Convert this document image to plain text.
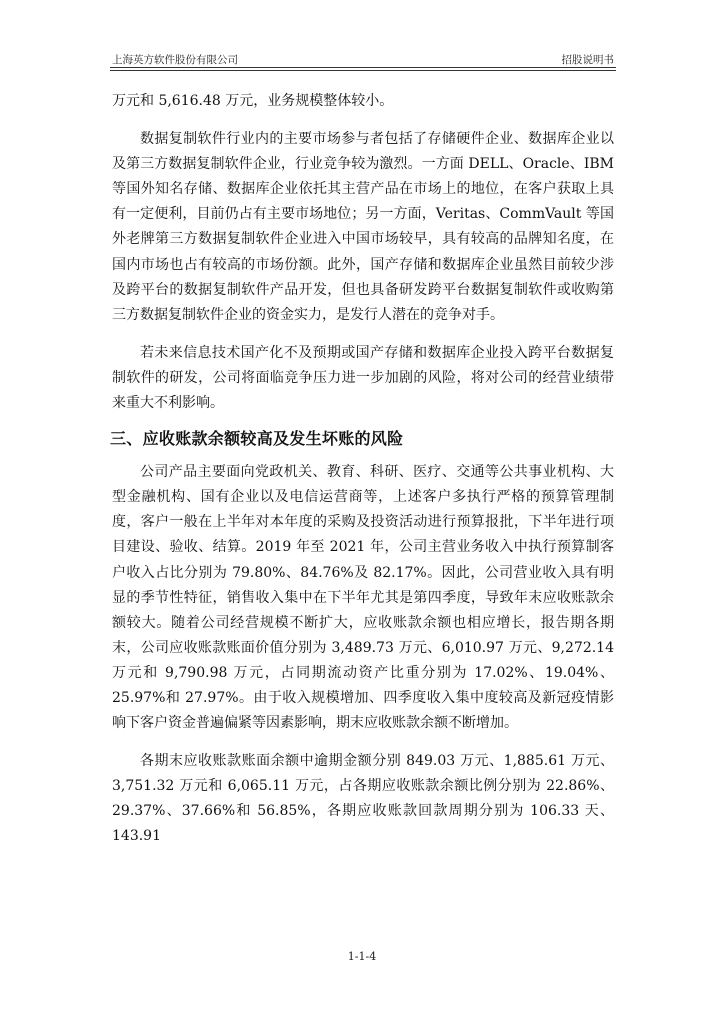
上海英方软件股份有限公司	招股说明书

万元和 5,616.48 万元，业务规模整体较小。

数据复制软件行业内的主要市场参与者包括了存储硬件企业、数据库企业以及第三方数据复制软件企业，行业竞争较为激烈。一方面 DELL、Oracle、IBM 等国外知名存储、数据库企业依托其主营产品在市场上的地位，在客户获取上具有一定便利，目前仍占有主要市场地位；另一方面，Veritas、CommVault 等国外老牌第三方数据复制软件企业进入中国市场较早，具有较高的品牌知名度，在国内市场也占有较高的市场份额。此外，国产存储和数据库企业虽然目前较少涉及跨平台的数据复制软件产品开发，但也具备研发跨平台数据复制软件或收购第三方数据复制软件企业的资金实力，是发行人潜在的竞争对手。

若未来信息技术国产化不及预期或国产存储和数据库企业投入跨平台数据复制软件的研发，公司将面临竞争压力进一步加剧的风险，将对公司的经营业绩带来重大不利影响。

三、应收账款余额较高及发生坏账的风险

公司产品主要面向党政机关、教育、科研、医疗、交通等公共事业机构、大型金融机构、国有企业以及电信运营商等，上述客户多执行严格的预算管理制度，客户一般在上半年对本年度的采购及投资活动进行预算报批，下半年进行项目建设、验收、结算。2019 年至 2021 年，公司主营业务收入中执行预算制客户收入占比分别为 79.80%、84.76%及 82.17%。因此，公司营业收入具有明显的季节性特征，销售收入集中在下半年尤其是第四季度，导致年末应收账款余额较大。随着公司经营规模不断扩大，应收账款余额也相应增长，报告期各期末，公司应收账款账面价值分别为 3,489.73 万元、6,010.97 万元、9,272.14 万元和 9,790.98 万元，占同期流动资产比重分别为 17.02%、19.04%、25.97%和 27.97%。由于收入规模增加、四季度收入集中度较高及新冠疫情影响下客户资金普遍偏紧等因素影响，期末应收账款余额不断增加。

各期末应收账款账面余额中逾期金额分别 849.03 万元、1,885.61 万元、3,751.32 万元和 6,065.11 万元，占各期应收账款余额比例分别为 22.86%、29.37%、37.66%和 56.85%，各期应收账款回款周期分别为 106.33 天、143.91

1-1-4
